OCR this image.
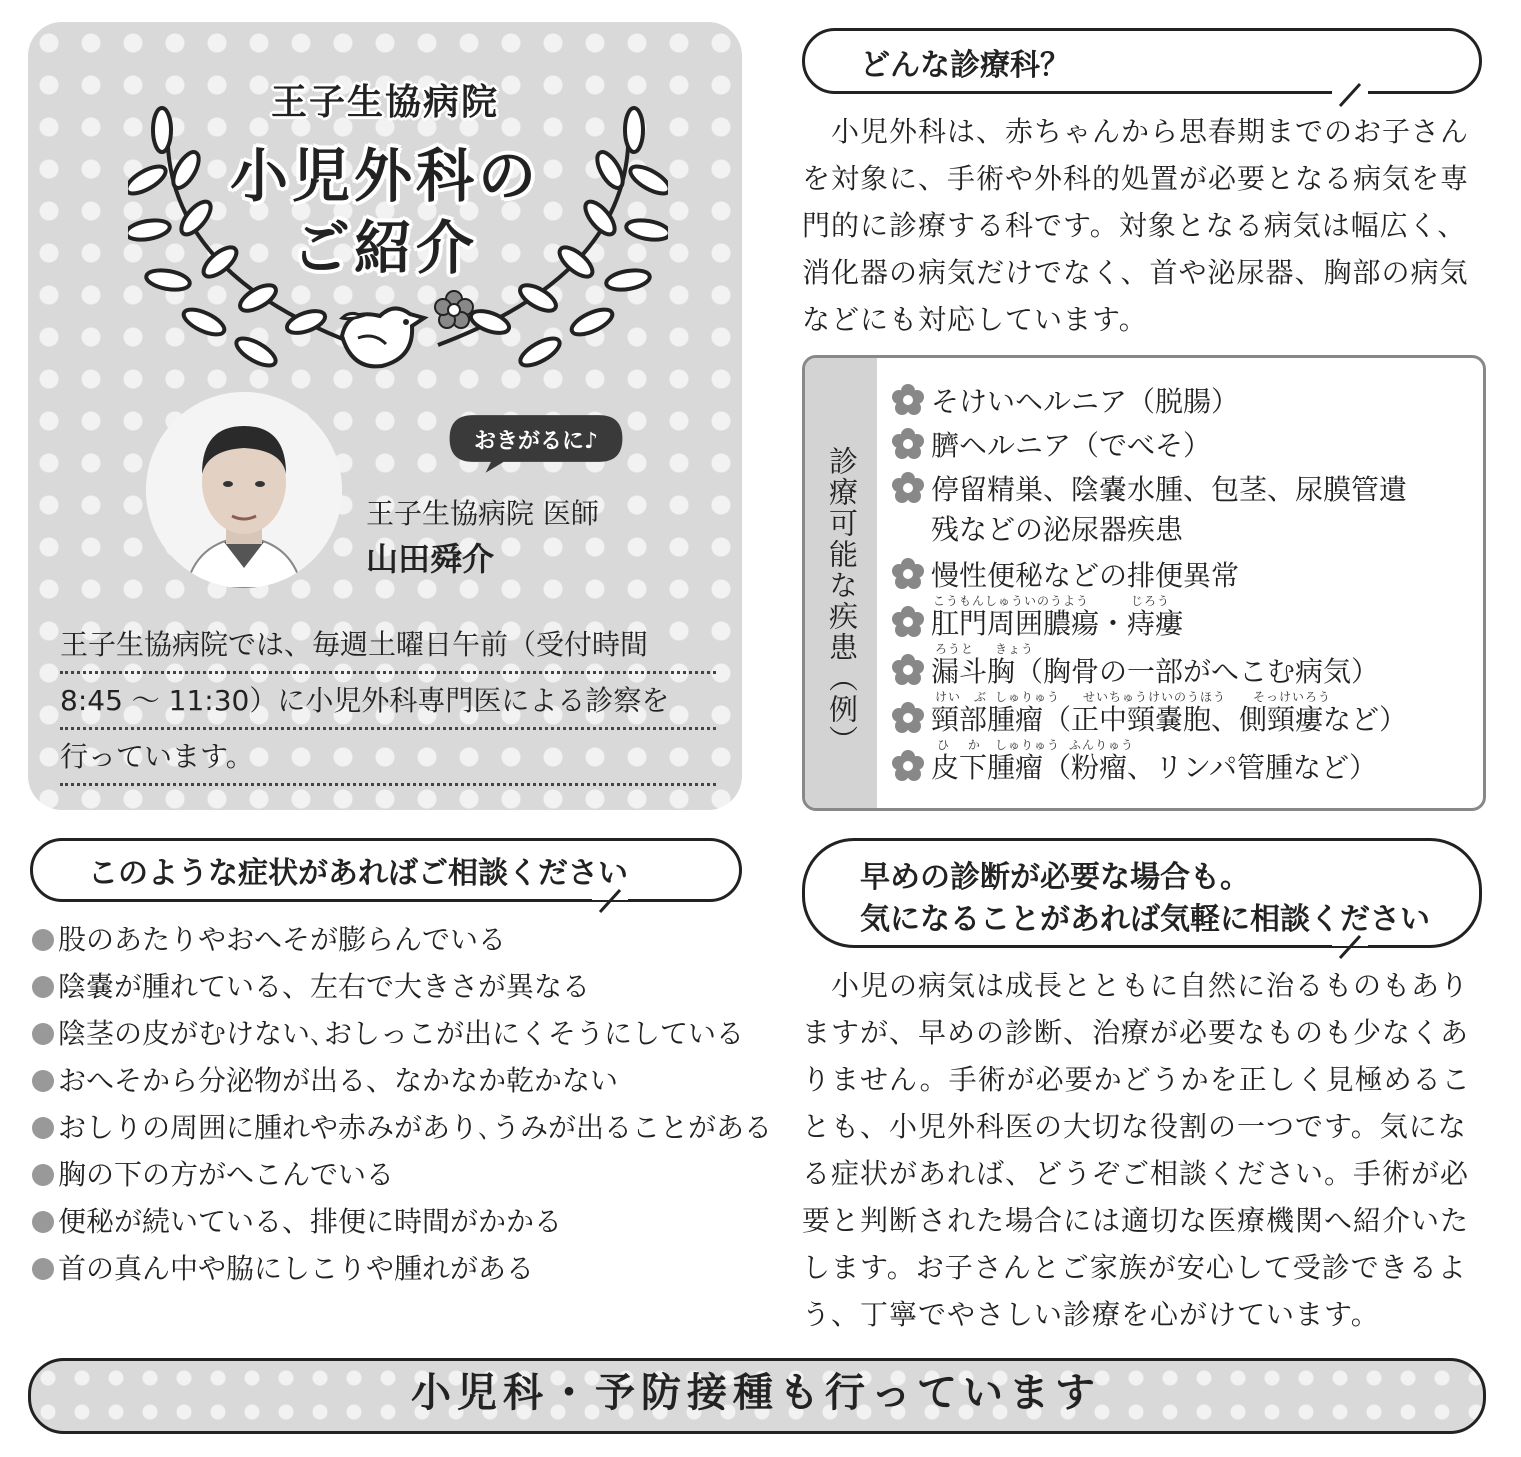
王子生協病院
小児外科の
ご紹介
おきがるに♪
王子生協病院 医師
山田舜介
王子生協病院では、毎週土曜日午前（受付時間
8:45 ～ 11:30）に小児外科専門医による診察を
行っています。
どんな診療科？
　小児外科は、赤ちゃんから思春期までのお子さん
を対象に、手術や外科的処置が必要となる病気を専
門的に診療する科です。対象となる病気は幅広く、
消化器の病気だけでなく、首や泌尿器、胸部の病気
などにも対応しています。
診療可能な疾患（例）
そけいヘルニア（脱腸）
臍ヘルニア（でべそ）
停留精巣、陰嚢水腫、包茎、尿膜管遺
残などの泌尿器疾患
慢性便秘などの排便異常
こうもんしゅういのうよう	じろう
肛門周囲膿瘍・痔瘻
ろうと きょう
漏斗胸（胸骨の一部がへこむ病気）
けい　ぶ しゅりゅう せいちゅうけいのうほう そっけいろう
頸部腫瘤（正中頸嚢胞、側頸瘻など）
ひ　 か しゅりゅう ふんりゅう
皮下腫瘤（粉瘤、リンパ管腫など）
このような症状があればご相談ください
股のあたりやおへそが膨らんでいる
陰嚢が腫れている、左右で大きさが異なる
陰茎の皮がむけない､おしっこが出にくそうにしている
おへそから分泌物が出る、なかなか乾かない
おしりの周囲に腫れや赤みがあり､うみが出ることがある
胸の下の方がへこんでいる
便秘が続いている、排便に時間がかかる
首の真ん中や脇にしこりや腫れがある
早めの診断が必要な場合も。
気になることがあれば気軽に相談ください
　小児の病気は成長とともに自然に治るものもあり
ますが、早めの診断、治療が必要なものも少なくあ
りません。手術が必要かどうかを正しく見極めるこ
とも、小児外科医の大切な役割の一つです。気にな
る症状があれば、どうぞご相談ください。手術が必
要と判断された場合には適切な医療機関へ紹介いた
します。お子さんとご家族が安心して受診できるよ
う、丁寧でやさしい診療を心がけています。
小児科・予防接種も行っています
